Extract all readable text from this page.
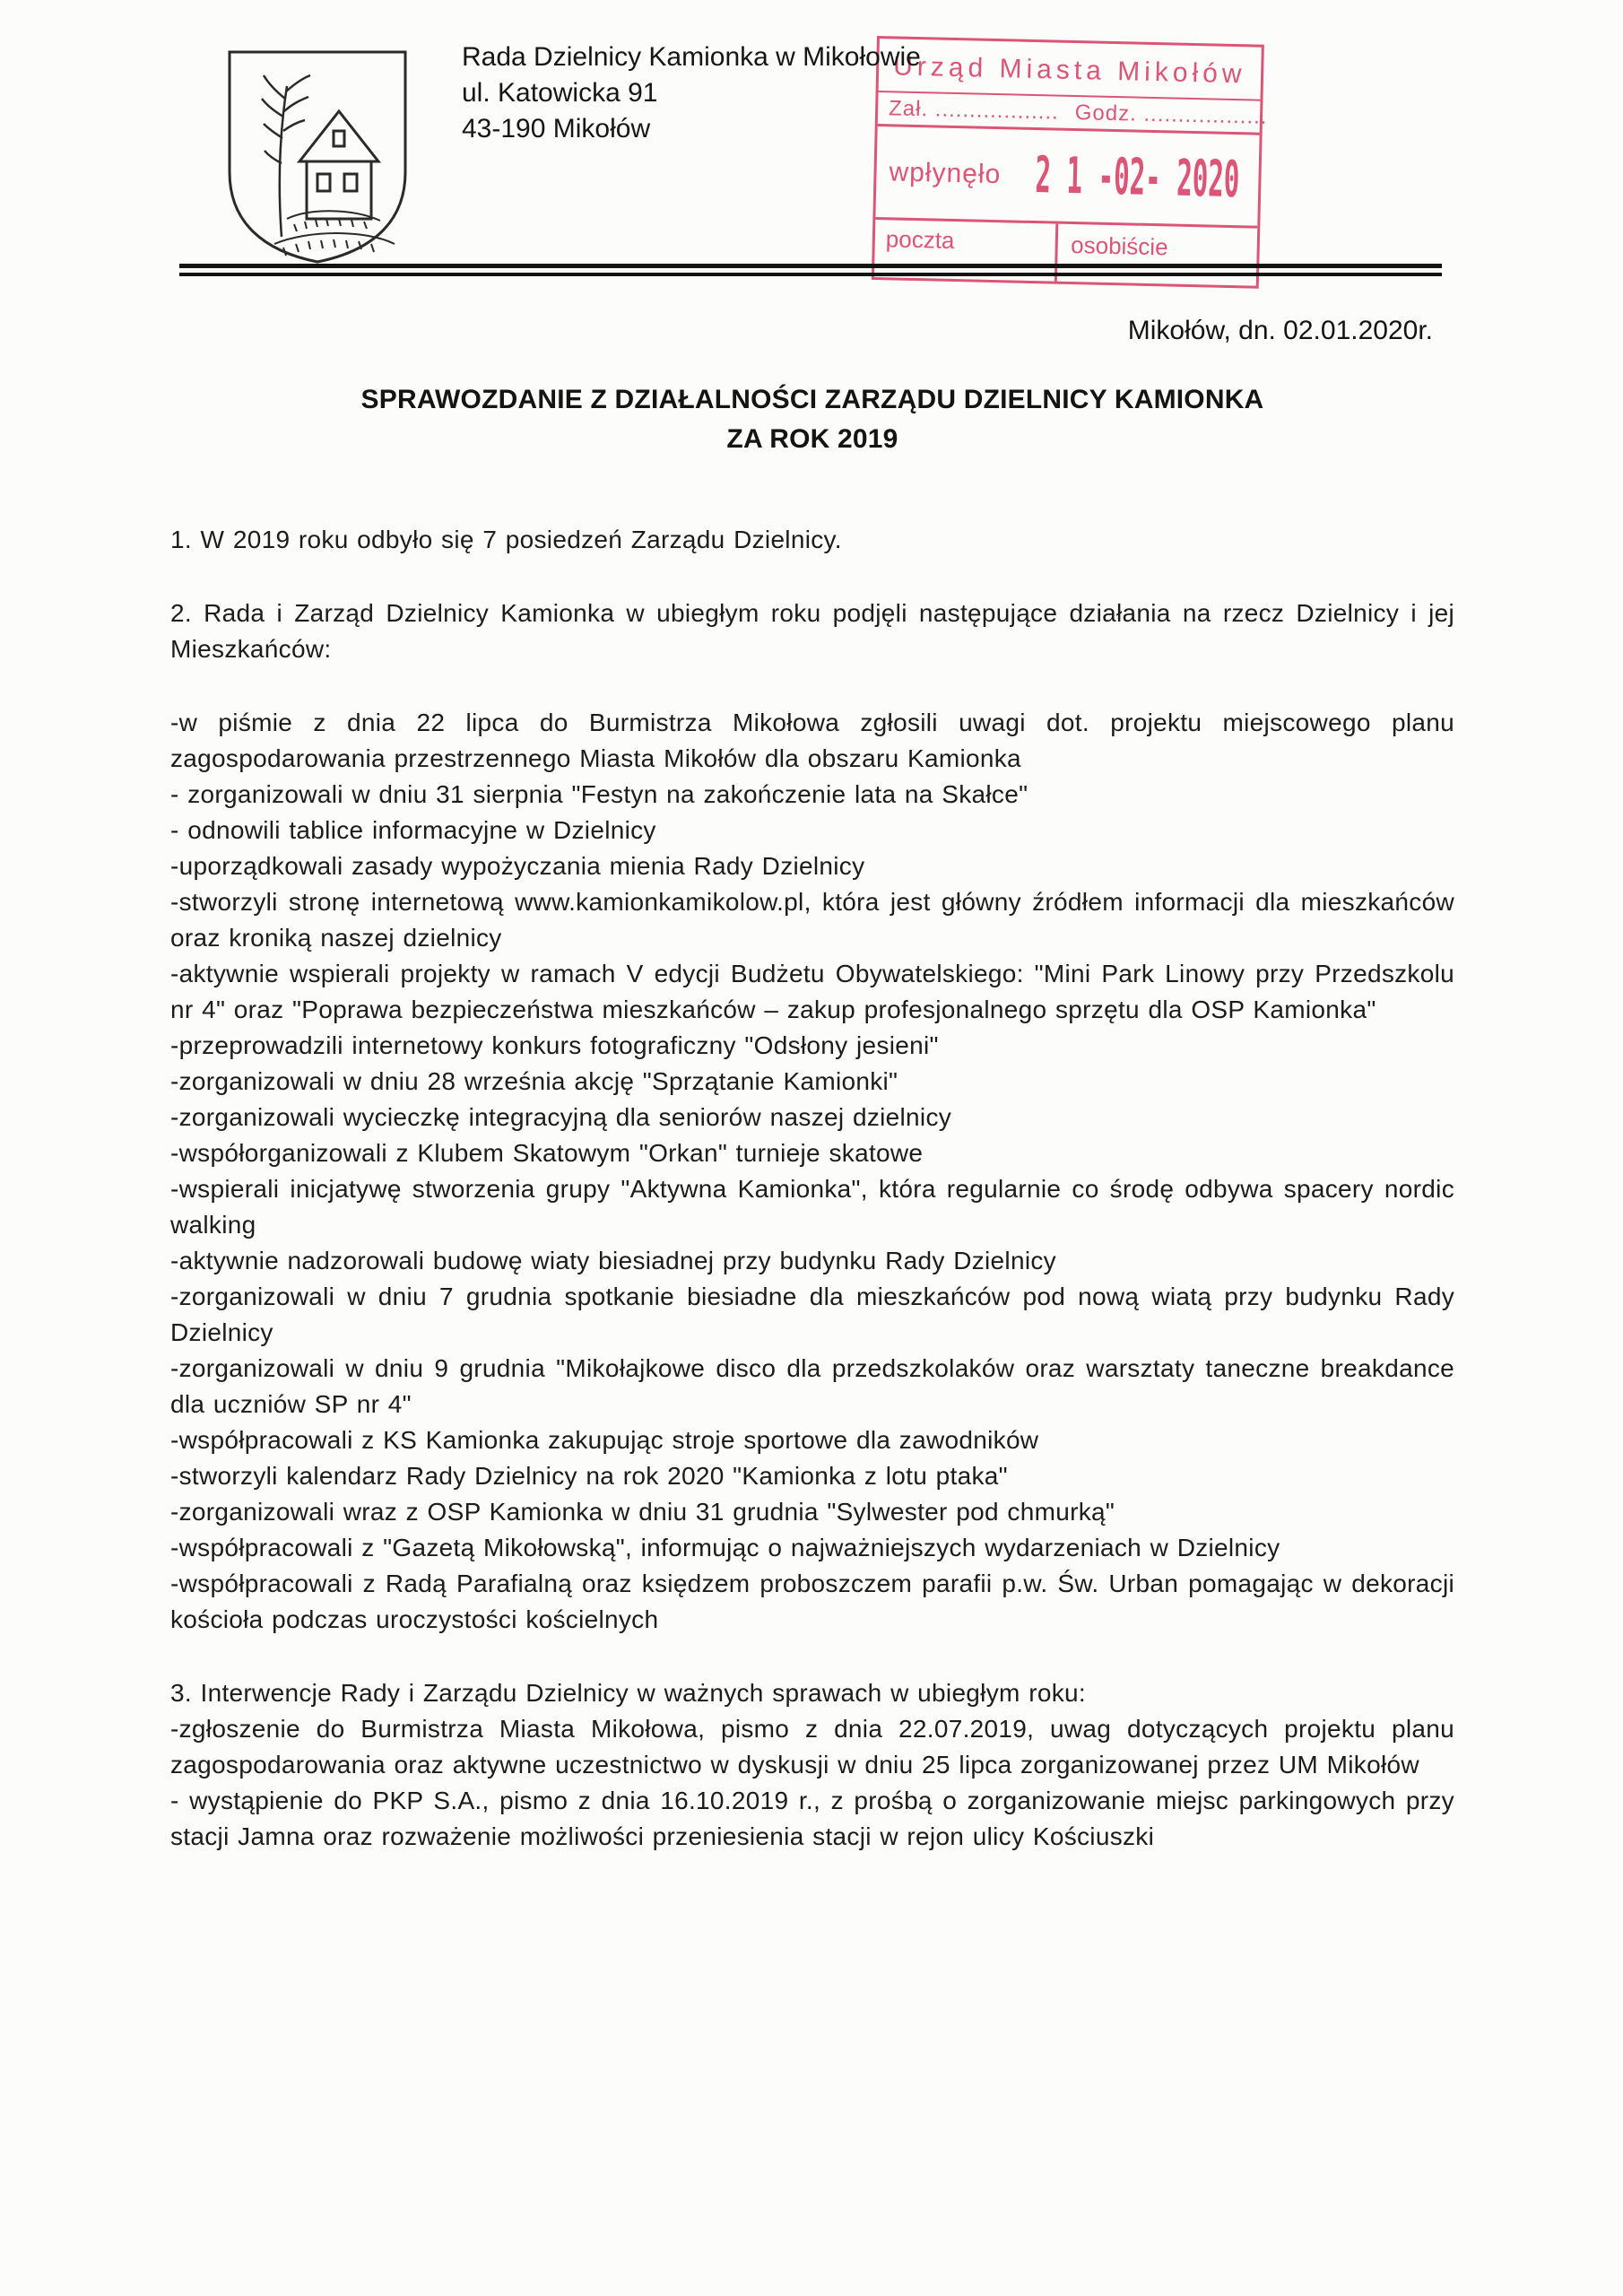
Rada Dzielnicy Kamionka w Mikołowie
ul. Katowicka 91
43-190 Mikołów
Urząd Miasta Mikołów
Zał. .................. Godz. ..................
wpłynęło 2 1 -02- 2020
poczta	osobiście
Mikołów, dn. 02.01.2020r.
SPRAWOZDANIE Z DZIAŁALNOŚCI ZARZĄDU DZIELNICY KAMIONKA
ZA ROK 2019

1. W 2019 roku odbyło się 7 posiedzeń Zarządu Dzielnicy.

2. Rada i Zarząd Dzielnicy Kamionka w ubiegłym roku podjęli następujące działania na rzecz Dzielnicy i jej Mieszkańców:

-w piśmie z dnia 22 lipca do Burmistrza Mikołowa zgłosili uwagi dot. projektu miejscowego planu zagospodarowania przestrzennego Miasta Mikołów dla obszaru Kamionka

- zorganizowali w dniu 31 sierpnia "Festyn na zakończenie lata na Skałce"

- odnowili tablice informacyjne w Dzielnicy

-uporządkowali zasady wypożyczania mienia Rady Dzielnicy

-stworzyli stronę internetową www.kamionkamikolow.pl, która jest główny źródłem informacji dla mieszkańców oraz kroniką naszej dzielnicy

-aktywnie wspierali projekty w ramach V edycji Budżetu Obywatelskiego: "Mini Park Linowy przy Przedszkolu nr 4" oraz "Poprawa bezpieczeństwa mieszkańców – zakup profesjonalnego sprzętu dla OSP Kamionka"

-przeprowadzili internetowy konkurs fotograficzny "Odsłony jesieni"

-zorganizowali w dniu 28 września akcję "Sprzątanie Kamionki"

-zorganizowali wycieczkę integracyjną dla seniorów naszej dzielnicy

-współorganizowali z Klubem Skatowym "Orkan" turnieje skatowe

-wspierali inicjatywę stworzenia grupy "Aktywna Kamionka", która regularnie co środę odbywa spacery nordic walking

-aktywnie nadzorowali budowę wiaty biesiadnej przy budynku Rady Dzielnicy

-zorganizowali w dniu 7 grudnia spotkanie biesiadne dla mieszkańców pod nową wiatą przy budynku Rady Dzielnicy

-zorganizowali w dniu 9 grudnia "Mikołajkowe disco dla przedszkolaków oraz warsztaty taneczne breakdance dla uczniów SP nr 4"

-współpracowali z KS Kamionka zakupując stroje sportowe dla zawodników

-stworzyli kalendarz Rady Dzielnicy na rok 2020 "Kamionka z lotu ptaka"

-zorganizowali wraz z OSP Kamionka w dniu 31 grudnia "Sylwester pod chmurką"

-współpracowali z "Gazetą Mikołowską", informując o najważniejszych wydarzeniach w Dzielnicy

-współpracowali z Radą Parafialną oraz księdzem proboszczem parafii p.w. Św. Urban pomagając w dekoracji kościoła podczas uroczystości kościelnych

3. Interwencje Rady i Zarządu Dzielnicy w ważnych sprawach w ubiegłym roku:

-zgłoszenie do Burmistrza Miasta Mikołowa, pismo z dnia 22.07.2019, uwag dotyczących projektu planu zagospodarowania oraz aktywne uczestnictwo w dyskusji w dniu 25 lipca zorganizowanej przez UM Mikołów

- wystąpienie do PKP S.A., pismo z dnia 16.10.2019 r., z prośbą o zorganizowanie miejsc parkingowych przy stacji Jamna oraz rozważenie możliwości przeniesienia stacji w rejon ulicy Kościuszki
